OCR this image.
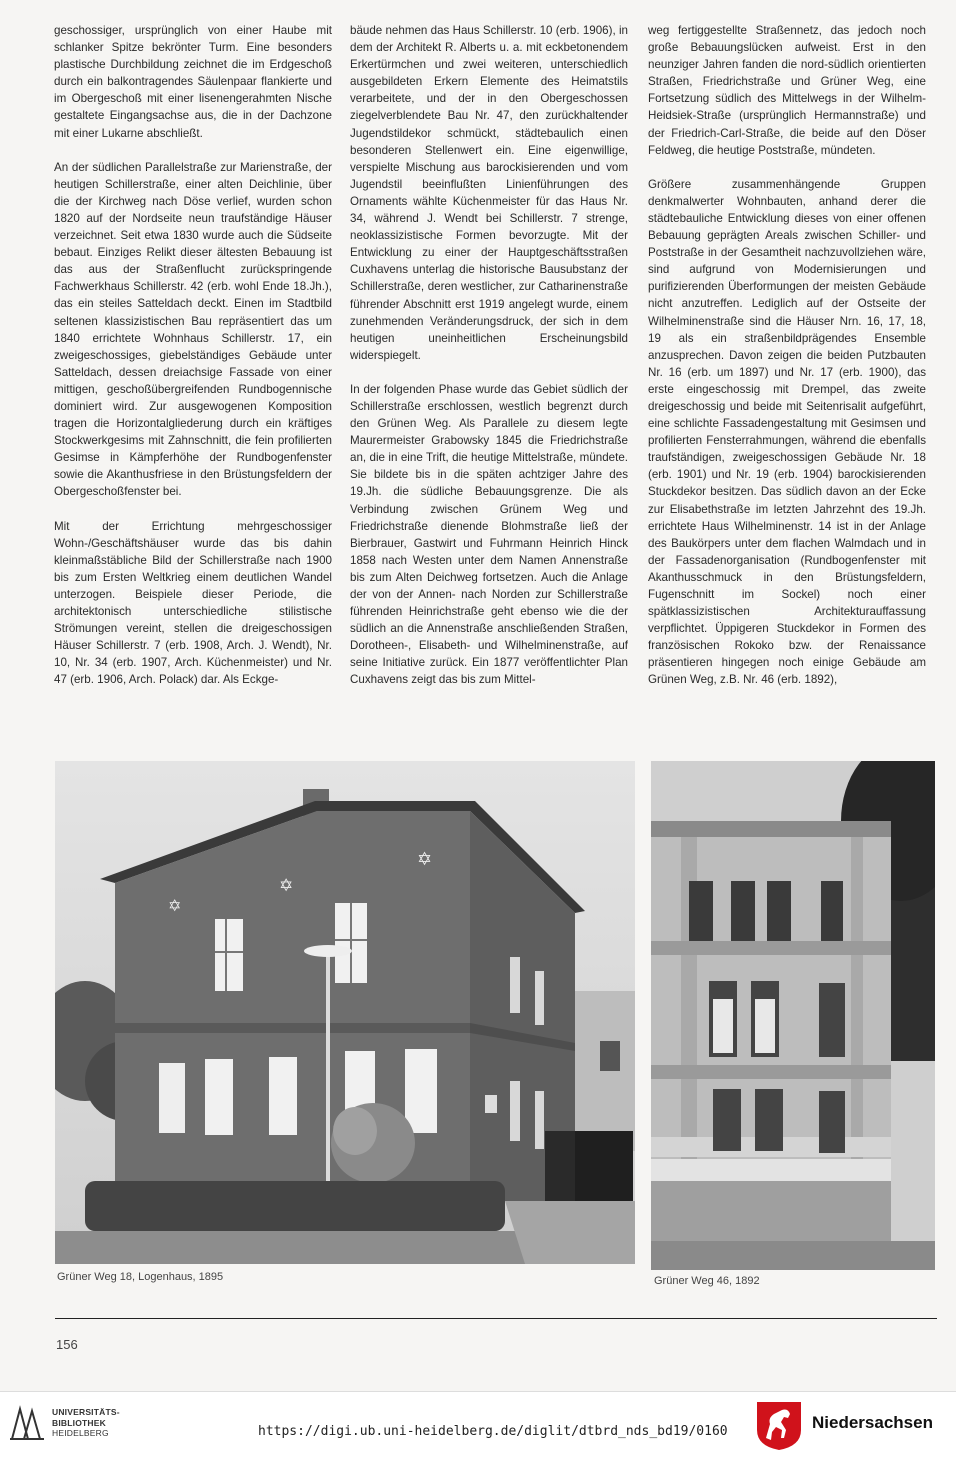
geschossiger, ursprünglich von einer Haube mit schlanker Spitze bekrönter Turm. Eine besonders plastische Durchbildung zeichnet die im Erdgeschoß durch ein balkontragendes Säulenpaar flankierte und im Obergeschoß mit einer lisenengerahmten Nische gestaltete Eingangsachse aus, die in der Dachzone mit einer Lukarne abschließt.

An der südlichen Parallelstraße zur Marienstraße, der heutigen Schillerstraße, einer alten Deichlinie, über die der Kirchweg nach Döse verlief, wurden schon 1820 auf der Nordseite neun traufständige Häuser verzeichnet. Seit etwa 1830 wurde auch die Südseite bebaut. Einziges Relikt dieser ältesten Bebauung ist das aus der Straßenflucht zurückspringende Fachwerkhaus Schillerstr. 42 (erb. wohl Ende 18.Jh.), das ein steiles Satteldach deckt. Einen im Stadtbild seltenen klassizistischen Bau repräsentiert das um 1840 errichtete Wohnhaus Schillerstr. 17, ein zweigeschossiges, giebelständiges Gebäude unter Satteldach, dessen dreiachsige Fassade von einer mittigen, geschoßübergreifenden Rundbogennische dominiert wird. Zur ausgewogenen Komposition tragen die Horizontalgliederung durch ein kräftiges Stockwerkgesims mit Zahnschnitt, die fein profilierten Gesimse in Kämpferhöhe der Rundbogenfenster sowie die Akanthusfriese in den Brüstungsfeldern der Obergeschoßfenster bei.

Mit der Errichtung mehrgeschossiger Wohn-/Geschäftshäuser wurde das bis dahin kleinmaßstäbliche Bild der Schillerstraße nach 1900 bis zum Ersten Weltkrieg einem deutlichen Wandel unterzogen. Beispiele dieser Periode, die architektonisch unterschiedliche stilistische Strömungen vereint, stellen die dreigeschossigen Häuser Schillerstr. 7 (erb. 1908, Arch. J. Wendt), Nr. 10, Nr. 34 (erb. 1907, Arch. Küchenmeister) und Nr. 47 (erb. 1906, Arch. Polack) dar. Als Eckge-

bäude nehmen das Haus Schillerstr. 10 (erb. 1906), in dem der Architekt R. Alberts u. a. mit eckbetonendem Erkertürmchen und zwei weiteren, unterschiedlich ausgebildeten Erkern Elemente des Heimatstils verarbeitete, und der in den Obergeschossen ziegelverblendete Bau Nr. 47, den zurückhaltender Jugendstildekor schmückt, städtebaulich einen besonderen Stellenwert ein. Eine eigenwillige, verspielte Mischung aus barockisierenden und vom Jugendstil beeinflußten Linienführungen des Ornaments wählte Küchenmeister für das Haus Nr. 34, während J. Wendt bei Schillerstr. 7 strenge, neoklassizistische Formen bevorzugte. Mit der Entwicklung zu einer der Hauptgeschäftsstraßen Cuxhavens unterlag die historische Bausubstanz der Schillerstraße, deren westlicher, zur Catharinenstraße führender Abschnitt erst 1919 angelegt wurde, einem zunehmenden Veränderungsdruck, der sich in dem heutigen uneinheitlichen Erscheinungsbild widerspiegelt.

In der folgenden Phase wurde das Gebiet südlich der Schillerstraße erschlossen, westlich begrenzt durch den Grünen Weg. Als Parallele zu diesem legte Maurermeister Grabowsky 1845 die Friedrichstraße an, die in eine Trift, die heutige Mittelstraße, mündete. Sie bildete bis in die späten achtziger Jahre des 19.Jh. die südliche Bebauungsgrenze. Die als Verbindung zwischen Grünem Weg und Friedrichstraße dienende Blohmstraße ließ der Bierbrauer, Gastwirt und Fuhrmann Heinrich Hinck 1858 nach Westen unter dem Namen Annenstraße bis zum Alten Deichweg fortsetzen. Auch die Anlage der von der Annen- nach Norden zur Schillerstraße führenden Heinrichstraße geht ebenso wie die der südlich an die Annenstraße anschließenden Straßen, Dorotheen-, Elisabeth- und Wilhelminenstraße, auf seine Initiative zurück. Ein 1877 veröffentlichter Plan Cuxhavens zeigt das bis zum Mittel-

weg fertiggestellte Straßennetz, das jedoch noch große Bebauungslücken aufweist. Erst in den neunziger Jahren fanden die nord-südlich orientierten Straßen, Friedrichstraße und Grüner Weg, eine Fortsetzung südlich des Mittelwegs in der Wilhelm-Heidsiek-Straße (ursprünglich Hermannstraße) und der Friedrich-Carl-Straße, die beide auf den Döser Feldweg, die heutige Poststraße, mündeten.

Größere zusammenhängende Gruppen denkmalwerter Wohnbauten, anhand derer die städtebauliche Entwicklung dieses von einer offenen Bebauung geprägten Areals zwischen Schiller- und Poststraße in der Gesamtheit nachzuvollziehen wäre, sind aufgrund von Modernisierungen und purifizierenden Überformungen der meisten Gebäude nicht anzutreffen. Lediglich auf der Ostseite der Wilhelminenstraße sind die Häuser Nrn. 16, 17, 18, 19 als ein straßenbildprägendes Ensemble anzusprechen. Davon zeigen die beiden Putzbauten Nr. 16 (erb. um 1897) und Nr. 17 (erb. 1900), das erste eingeschossig mit Drempel, das zweite dreigeschossig und beide mit Seitenrisalit aufgeführt, eine schlichte Fassadengestaltung mit Gesimsen und profilierten Fensterrahmungen, während die ebenfalls traufständigen, zweigeschossigen Gebäude Nr. 18 (erb. 1901) und Nr. 19 (erb. 1904) barockisierenden Stuckdekor besitzen. Das südlich davon an der Ecke zur Elisabethstraße im letzten Jahrzehnt des 19.Jh. errichtete Haus Wilhelminenstr. 14 ist in der Anlage des Baukörpers unter dem flachen Walmdach und in der Fassadenorganisation (Rundbogenfenster mit Akanthusschmuck in den Brüstungsfeldern, Fugenschnitt im Sockel) noch einer spätklassizistischen Architekturauffassung verpflichtet. Üppigeren Stuckdekor in Formen des französischen Rokoko bzw. der Renaissance präsentieren hingegen noch einige Gebäude am Grünen Weg, z.B. Nr. 46 (erb. 1892),

✡
✡
✡
Grüner Weg 18, Logenhaus, 1895	Grüner Weg 46, 1892
156
UNIVERSITÄTS-
BIBLIOTHEK
HEIDELBERG	https://digi.ub.uni-heidelberg.de/diglit/dtbrd_nds_bd19/0160	Niedersachsen
